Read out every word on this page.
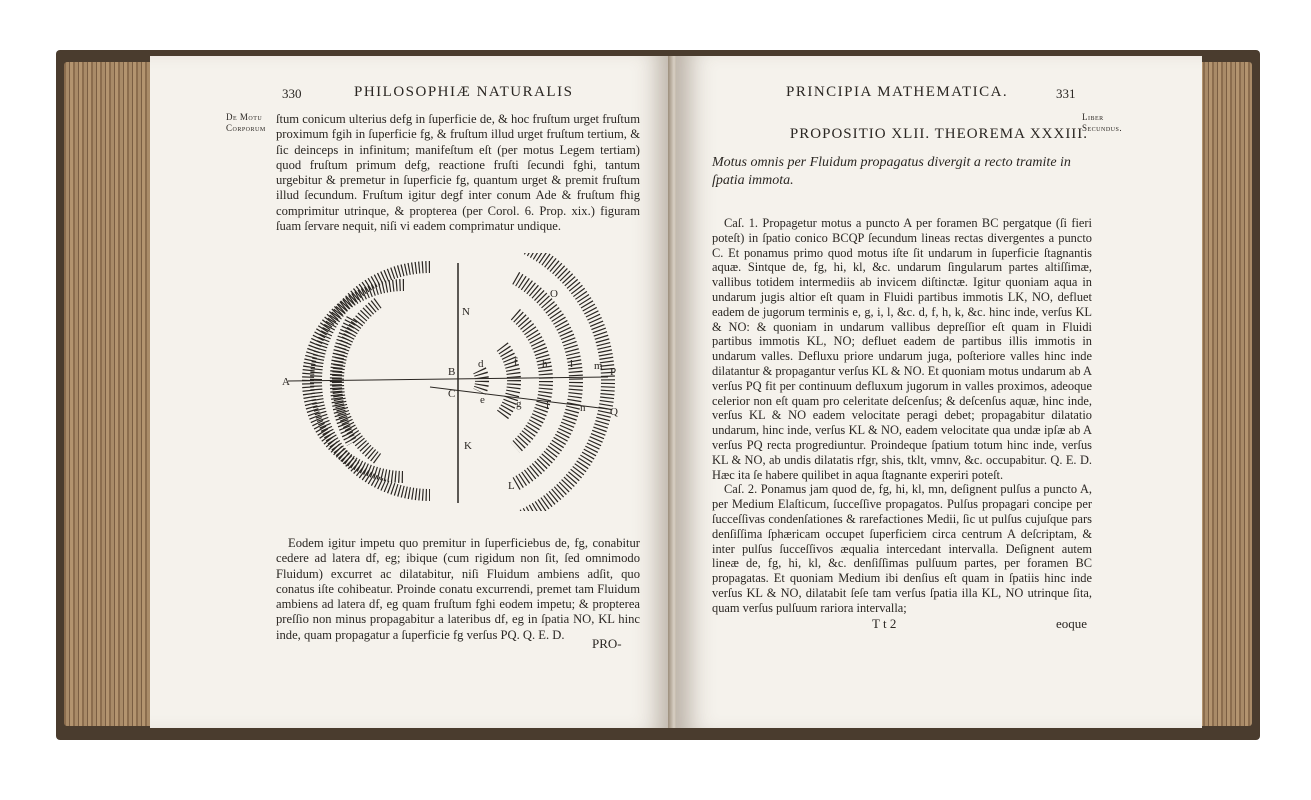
330	PHILOSOPHIÆ NATURALIS
De Motu
Corporum

ſtum conicum ulterius defg in ſuperficie de, & hoc fruſtum urget fruſtum proximum fgih in ſuperficie fg, & fruſtum illud urget fruſtum tertium, & ſic deinceps in infinitum; manifeſtum eſt (per motus Legem tertiam) quod fruſtum primum defg, reactione fruſti ſecundi fghi, tantum urgebitur & premetur in ſuperficie fg, quantum urget & premit fruſtum illud ſecundum. Fruſtum igitur degf inter conum Ade & fruſtum fhig comprimitur utrinque, & propterea (per Corol. 6. Prop. xix.) figuram ſuam ſervare nequit, niſi vi eadem comprimatur undique.

A
N
O
P
Q
K
L
C
B
d	f h l m
e	g i	n

Eodem igitur impetu quo premitur in ſuperficiebus de, fg, conabitur cedere ad latera df, eg; ibique (cum rigidum non ſit, ſed omnimodo Fluidum) excurret ac dilatabitur, niſi Fluidum ambiens adſit, quo conatus iſte cohibeatur. Proinde conatu excurrendi, premet tam Fluidum ambiens ad latera df, eg quam fruſtum fghi eodem impetu; & propterea preſſio non minus propagabitur a lateribus df, eg in ſpatia NO, KL hinc inde, quam propagatur a ſuperficie fg verſus PQ. Q. E. D.

PRO-
PRINCIPIA MATHEMATICA.	331
Liber
Secundus.
PROPOSITIO XLII. THEOREMA XXXIII.
Motus omnis per Fluidum propagatus divergit a recto tramite in ſpatia immota.

Caſ. 1. Propagetur motus a puncto A per foramen BC pergatque (ſi fieri poteſt) in ſpatio conico BCQP ſecundum lineas rectas divergentes a puncto C. Et ponamus primo quod motus iſte ſit undarum in ſuperficie ſtagnantis aquæ. Sintque de, fg, hi, kl, &c. undarum ſingularum partes altiſſimæ, vallibus totidem intermediis ab invicem diſtinctæ. Igitur quoniam aqua in undarum jugis altior eſt quam in Fluidi partibus immotis LK, NO, defluet eadem de jugorum terminis e, g, i, l, &c. d, f, h, k, &c. hinc inde, verſus KL & NO: & quoniam in undarum vallibus depreſſior eſt quam in Fluidi partibus immotis KL, NO; defluet eadem de partibus illis immotis in undarum valles. Defluxu priore undarum juga, poſteriore valles hinc inde dilatantur & propagantur verſus KL & NO. Et quoniam motus undarum ab A verſus PQ fit per continuum defluxum jugorum in valles proximos, adeoque celerior non eſt quam pro celeritate deſcenſus; & deſcenſus aquæ, hinc inde, verſus KL & NO eadem velocitate peragi debet; propagabitur dilatatio undarum, hinc inde, verſus KL & NO, eadem velocitate qua undæ ipſæ ab A verſus PQ recta progrediuntur. Proindeque ſpatium totum hinc inde, verſus KL & NO, ab undis dilatatis rfgr, shis, tklt, vmnv, &c. occupabitur. Q. E. D. Hæc ita ſe habere quilibet in aqua ſtagnante experiri poteſt.

Caſ. 2. Ponamus jam quod de, fg, hi, kl, mn, deſignent pulſus a puncto A, per Medium Elaſticum, ſucceſſive propagatos. Pulſus propagari concipe per ſucceſſivas condenſationes & rarefactiones Medii, ſic ut pulſus cujuſque pars denſiſſima ſphæricam occupet ſuperficiem circa centrum A deſcriptam, & inter pulſus ſucceſſivos æqualia intercedant intervalla. Deſignent autem lineæ de, fg, hi, kl, &c. denſiſſimas pulſuum partes, per foramen BC propagatas. Et quoniam Medium ibi denſius eſt quam in ſpatiis hinc inde verſus KL & NO, dilatabit ſeſe tam verſus ſpatia illa KL, NO utrinque ſita, quam verſus pulſuum rariora intervalla;

T t 2	eoque
